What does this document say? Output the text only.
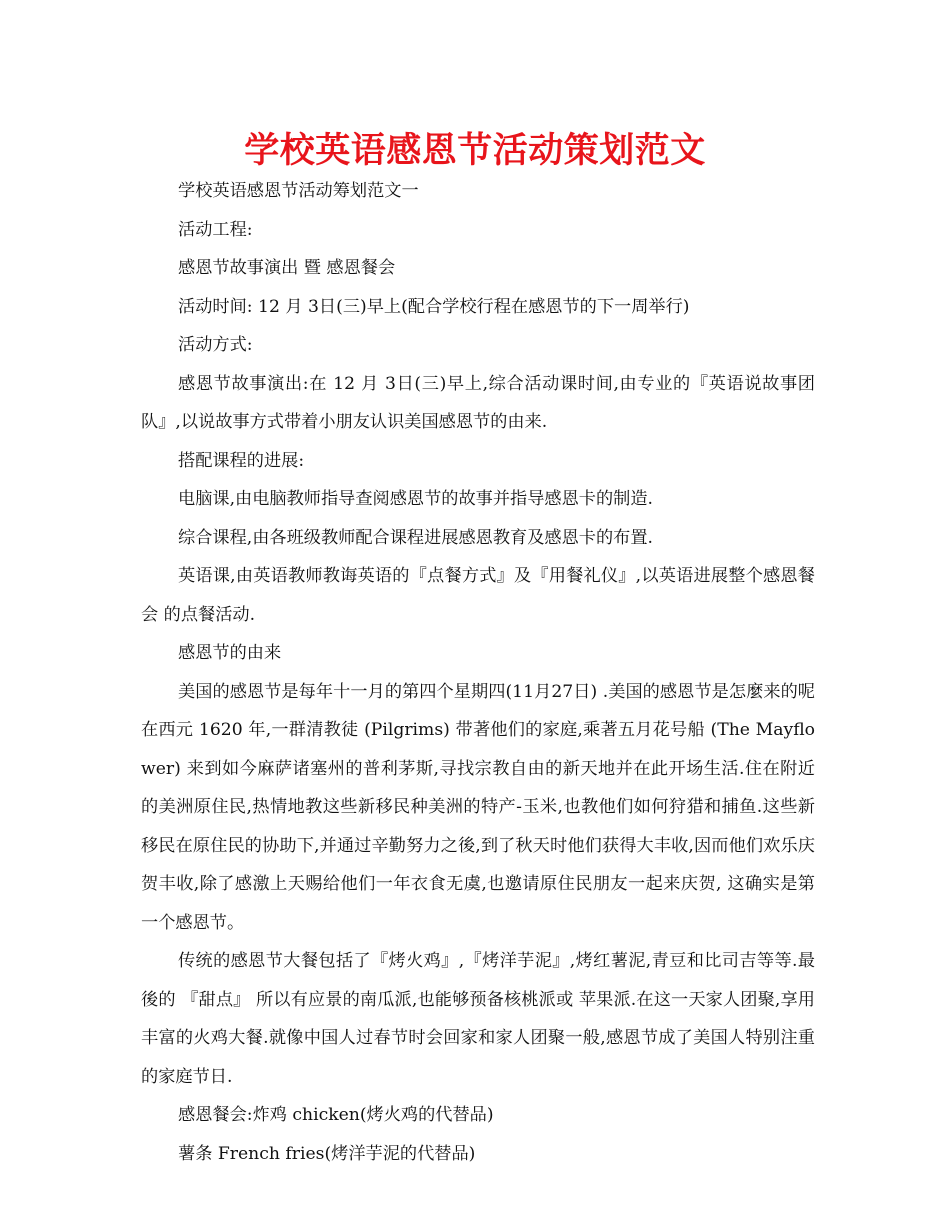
学校英语感恩节活动策划范文

学校英语感恩节活动筹划范文一

活动工程:

感恩节故事演出 暨 感恩餐会

活动时间: 12 月 3日(三)早上(配合学校行程在感恩节的下一周举行)

活动方式:

感恩节故事演出:在 12 月 3日(三)早上,综合活动课时间,由专业的『英语说故事团队』,以说故事方式带着小朋友认识美国感恩节的由来.

搭配课程的进展:

电脑课,由电脑教师指导查阅感恩节的故事并指导感恩卡的制造.

综合课程,由各班级教师配合课程进展感恩教育及感恩卡的布置.

英语课,由英语教师教诲英语的『点餐方式』及『用餐礼仪』,以英语进展整个感恩餐会 的点餐活动.

感恩节的由来

美国的感恩节是每年十一月的第四个星期四(11月27日) .美国的感恩节是怎麼来的呢 在西元 1620 年,一群清教徒 (Pilgrims) 带著他们的家庭,乘著五月花号船 (The Mayflower) 来到如今麻萨诸塞州的普利茅斯,寻找宗教自由的新天地并在此开场生活.住在附近的美洲原住民,热情地教这些新移民种美洲的特产-玉米,也教他们如何狩猎和捕鱼.这些新移民在原住民的协助下,并通过辛勤努力之後,到了秋天时他们获得大丰收,因而他们欢乐庆贺丰收,除了感激上天赐给他们一年衣食无虞,也邀请原住民朋友一起来庆贺, 这确实是第一个感恩节。

传统的感恩节大餐包括了『烤火鸡』,『烤洋芋泥』,烤红薯泥,青豆和比司吉等等.最後的 『甜点』 所以有应景的南瓜派,也能够预备核桃派或 苹果派.在这一天家人团聚,享用丰富的火鸡大餐.就像中国人过春节时会回家和家人团聚一般,感恩节成了美国人特别注重的家庭节日.

感恩餐会:炸鸡 chicken(烤火鸡的代替品)

薯条 French fries(烤洋芋泥的代替品)
